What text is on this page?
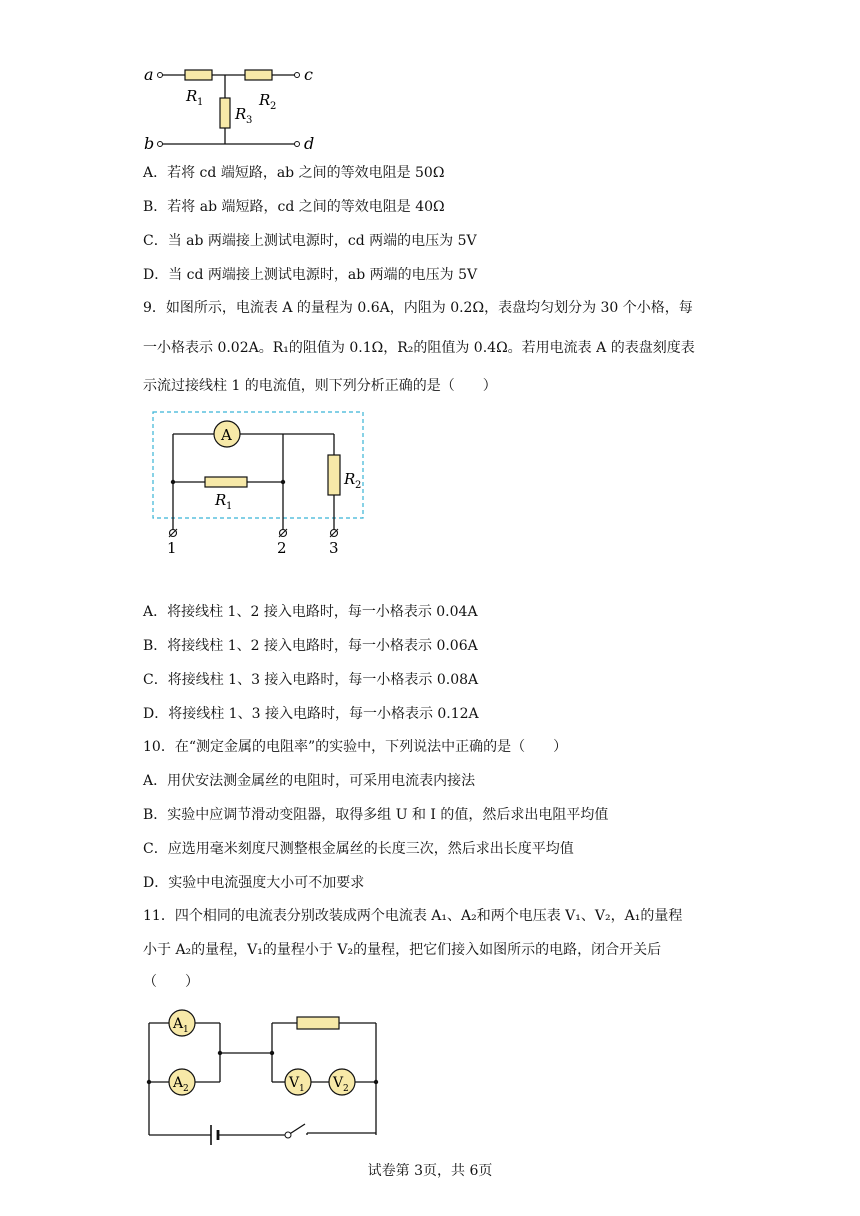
a	c
b	d
R 1	R 2
R 3
A．若将 cd 端短路，ab 之间的等效电阻是 50Ω
B．若将 ab 端短路，cd 之间的等效电阻是 40Ω
C．当 ab 两端接上测试电源时，cd 两端的电压为 5V
D．当 cd 两端接上测试电源时，ab 两端的电压为 5V
9．如图所示，电流表 A 的量程为 0.6A，内阻为 0.2Ω，表盘均匀划分为 30 个小格，每
一小格表示 0.02A。R₁的阻值为 0.1Ω，R₂的阻值为 0.4Ω。若用电流表 A 的表盘刻度表
示流过接线柱 1 的电流值，则下列分析正确的是（　　）
A
R 1
R 2
1	2	3
A．将接线柱 1、2 接入电路时，每一小格表示 0.04A
B．将接线柱 1、2 接入电路时，每一小格表示 0.06A
C．将接线柱 1、3 接入电路时，每一小格表示 0.08A
D．将接线柱 1、3 接入电路时，每一小格表示 0.12A
10．在“测定金属的电阻率”的实验中，下列说法中正确的是（　　）
A．用伏安法测金属丝的电阻时，可采用电流表内接法
B．实验中应调节滑动变阻器，取得多组 U 和 I 的值，然后求出电阻平均值
C．应选用毫米刻度尺测整根金属丝的长度三次，然后求出长度平均值
D．实验中电流强度大小可不加要求
11．四个相同的电流表分别改装成两个电流表 A₁、A₂和两个电压表 V₁、V₂，A₁的量程
小于 A₂的量程，V₁的量程小于 V₂的量程，把它们接入如图所示的电路，闭合开关后
（　　）
A 1
A 2	V 1 V 2
试卷第 3页，共 6页
